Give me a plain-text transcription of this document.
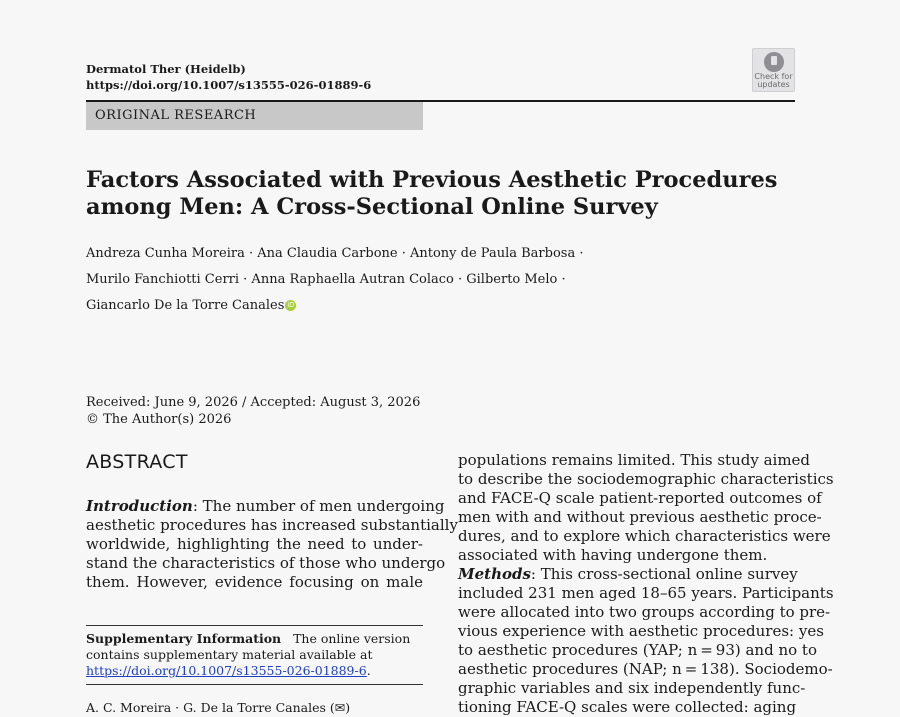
Dermatol Ther (Heidelb)
https://doi.org/10.1007/s13555-026-01889-6
Check for updates
ORIGINAL RESEARCH
Factors Associated with Previous Aesthetic Procedures
among Men: A Cross-Sectional Online Survey
Andreza Cunha Moreira · Ana Claudia Carbone · Antony de Paula Barbosa ·
Murilo Fanchiotti Cerri · Anna Raphaella Autran Colaco · Gilberto Melo ·
Giancarlo De la Torre Canales iD
Received: June 9, 2026 / Accepted: August 3, 2026
© The Author(s) 2026
ABSTRACT
Introduction: The number of men undergoing
aesthetic procedures has increased substantially
worldwide, highlighting the need to under-
stand the characteristics of those who undergo
them. However, evidence focusing on male
populations remains limited. This study aimed
to describe the sociodemographic characteristics
and FACE-Q scale patient-reported outcomes of
men with and without previous aesthetic proce-
dures, and to explore which characteristics were
associated with having undergone them.
Methods: This cross-sectional online survey
included 231 men aged 18–65 years. Participants
were allocated into two groups according to pre-
vious experience with aesthetic procedures: yes
to aesthetic procedures (YAP; n = 93) and no to
aesthetic procedures (NAP; n = 138). Sociodemo-
graphic variables and six independently func-
tioning FACE-Q scales were collected: aging
Supplementary Information The online version
contains supplementary material available at
https://doi.org/10.1007/s13555-026-01889-6.
A. C. Moreira · G. De la Torre Canales (✉)
